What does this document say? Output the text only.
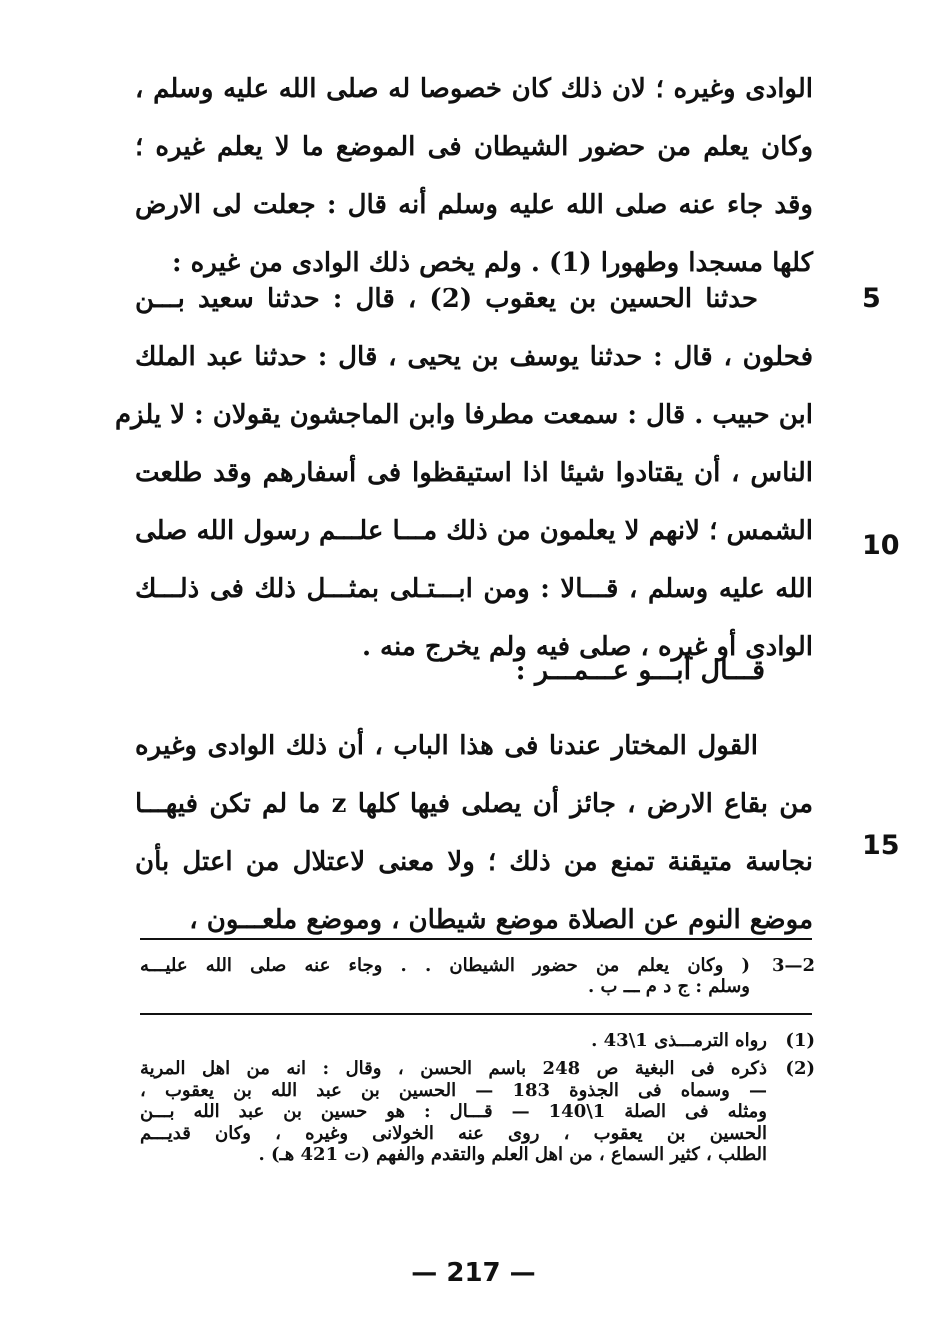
الوادى وغيره ؛ لان ذلك كان خصوصا له صلى الله عليه وسلم ،
وكان يعلم من حضور الشيطان فى الموضع ما لا يعلم غيره ؛
وقد جاء عنه صلى الله عليه وسلم أنه قال : جعلت لى الارض
كلها مسجدا وطهورا (1) . ولم يخص ذلك الوادى من غيره :
حدثنا الحسين بن يعقوب (2) ، قال : حدثنا سعيد بـــن
فحلون ، قال : حدثنا يوسف بن يحيى ، قال : حدثنا عبد الملك
ابن حبيب . قال : سمعت مطرفا وابن الماجشون يقولان : لا يلزم
الناس ، أن يقتادوا شيئا اذا استيقظوا فى أسفارهم وقد طلعت
الشمس ؛ لانهم لا يعلمون من ذلك مـــا علـــم رسول الله صلى
الله عليه وسلم ، قـــالا : ومن ابـــتـلى بمثـــل ذلك فى ذلـــك
الوادى أو غيره ، صلى فيه ولم يخرج منه .
قـــال أبـــو عـــمـــر :
القول المختار عندنا فى هذا الباب ، أن ذلك الوادى وغيره
من بقاع الارض ، جائز أن يصلى فيها كلها z ما لم تكن فيهـــا
نجاسة متيقنة تمنع من ذلك ؛ ولا معنى لاعتلال من اعتل بأن
موضع النوم عن الصلاة موضع شيطان ، وموضع ملعـــون ،
5
10
15
( وكان يعلم من حضور الشيطان . . وجاء عنه صلى الله عليـــه
وسلم : ج د م ـــ ب .
2—3
(1)
رواه الترمـــذى 1\43 .
(2)
ذكره فى البغية ص 248 باسم الحسن ، وقال : انه من اهل المرية
— وسماه فى الجذوة 183 — الحسين بن عبد الله بن يعقوب ،
ومثله فى الصلة 1\140 — قـــال : هو حسين بن عبد الله بـــن
الحسين بن يعقوب ، روى عنه الخولانى وغيره ، وكان قديـــم
الطلب ، كثير السماع ، من اهل العلم والتقدم والفهم (ت 421 هـ) .
— 217 —
